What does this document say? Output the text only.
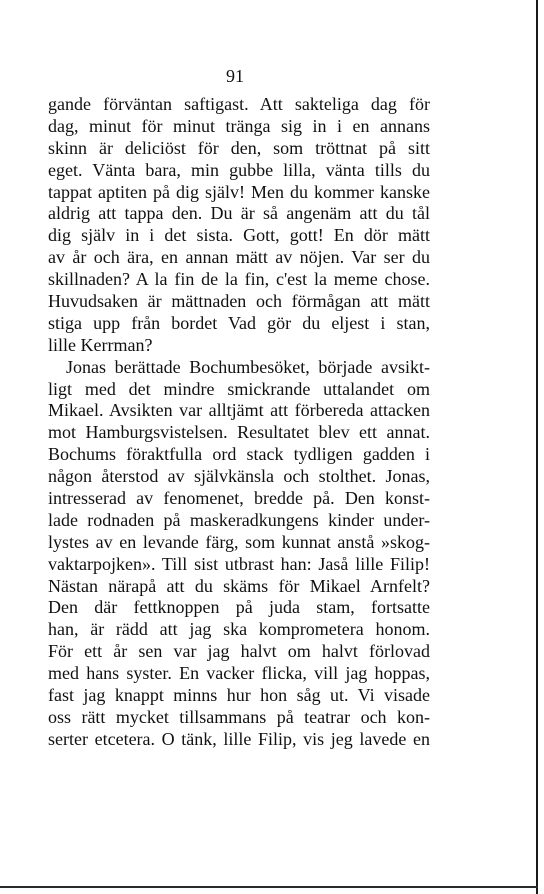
91
gande förväntan saftigast. Att sakteliga dag för
dag, minut för minut tränga sig in i en annans
skinn är deliciöst för den, som tröttnat på sitt
eget. Vänta bara, min gubbe lilla, vänta tills du
tappat aptiten på dig själv! Men du kommer kanske
aldrig att tappa den. Du är så angenäm att du tål
dig själv in i det sista. Gott, gott! En dör mätt
av år och ära, en annan mätt av nöjen. Var ser du
skillnaden? A la fin de la fin, c'est la meme chose.
Huvudsaken är mättnaden och förmågan att mätt
stiga upp från bordet Vad gör du eljest i stan,
lille Kerrman?
Jonas berättade Bochumbesöket, började avsikt-
ligt med det mindre smickrande uttalandet om
Mikael. Avsikten var alltjämt att förbereda attacken
mot Hamburgsvistelsen. Resultatet blev ett annat.
Bochums föraktfulla ord stack tydligen gadden i
någon återstod av självkänsla och stolthet. Jonas,
intresserad av fenomenet, bredde på. Den konst-
lade rodnaden på maskeradkungens kinder under-
lystes av en levande färg, som kunnat anstå »skog-
vaktarpojken». Till sist utbrast han: Jaså lille Filip!
Nästan närapå att du skäms för Mikael Arnfelt?
Den där fettknoppen på juda stam, fortsatte
han, är rädd att jag ska komprometera honom.
För ett år sen var jag halvt om halvt förlovad
med hans syster. En vacker flicka, vill jag hoppas,
fast jag knappt minns hur hon såg ut. Vi visade
oss rätt mycket tillsammans på teatrar och kon-
serter etcetera. O tänk, lille Filip, vis jeg lavede en
